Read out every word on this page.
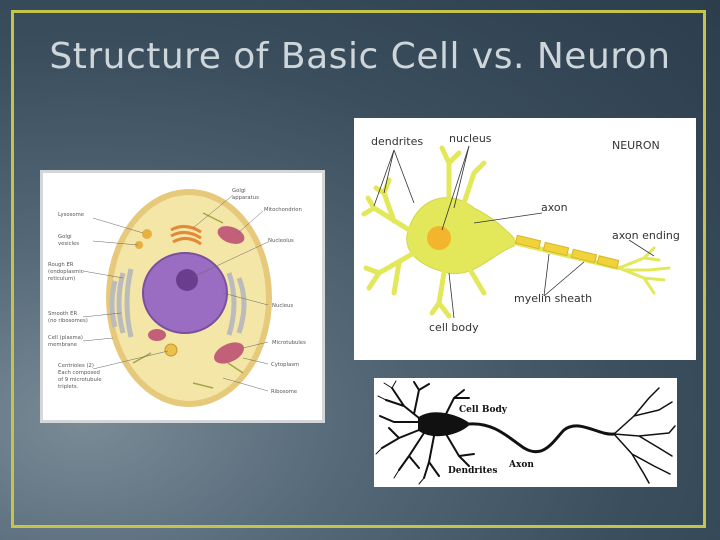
Structure of Basic Cell vs. Neuron
Golgi
apparatus
Mitochondrion
Lysosome
Golgi
vesicles	Nucleolus
Rough ER
(endoplasmic
reticulum)
Nucleus
Smooth ER
(no ribosomes)
Cell (plasma)
membrane	Microtubules
Centrioles (2)
Each composed
of 9 microtubule
triplets.
Cytoplasm
Ribosome
dendrites nucleus
NEURON
axon
axon ending
myelin sheath
cell body
Cell Body
Axon
Dendrites
